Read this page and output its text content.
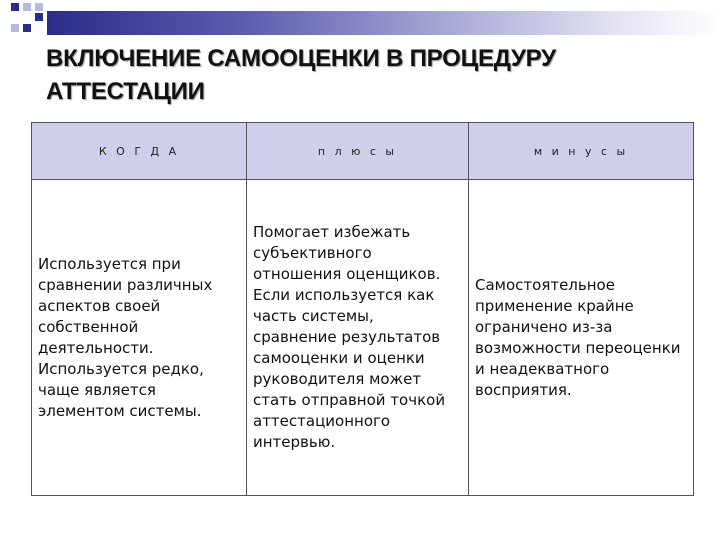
ВКЛЮЧЕНИЕ САМООЦЕНКИ В ПРОЦЕДУРУ АТТЕСТАЦИИ
К О Г Д А	п л ю с ы	м и н у с ы
Используется при сравнении различных аспектов своей собственной деятельности. Используется редко, чаще является элементом системы.	Помогает избежать субъективного отношения оценщиков. Если используется как часть системы, сравнение результатов самооценки и оценки руководителя может стать отправной точкой аттестационного интервью.	Самостоятельное применение крайне ограничено из-за возможности переоценки и неадекватного восприятия.
